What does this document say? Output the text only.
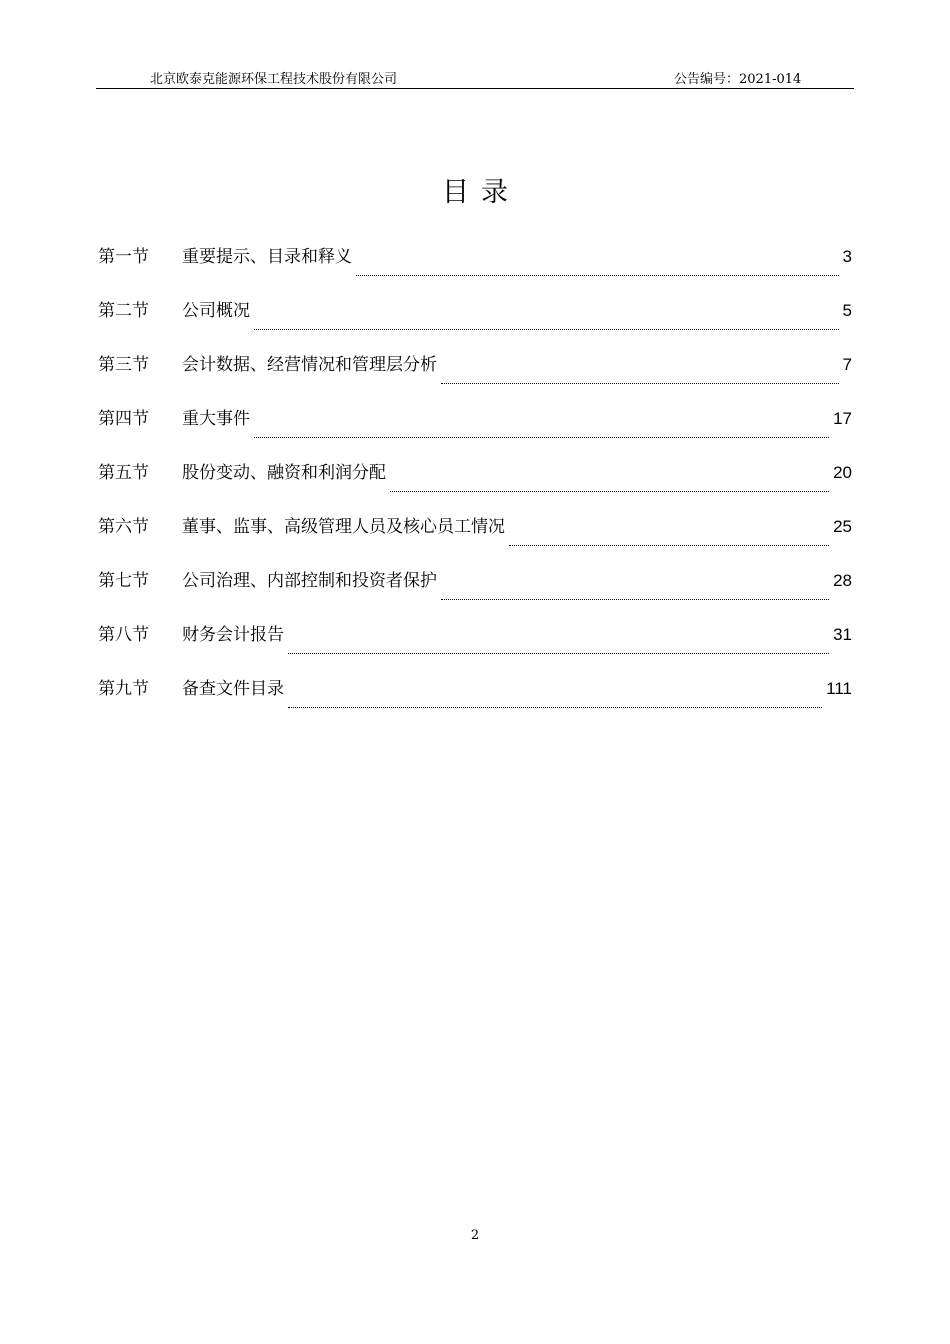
北京欧泰克能源环保工程技术股份有限公司	公告编号：2021-014
目录
第一节	重要提示、目录和释义	3
第二节	公司概况	5
第三节	会计数据、经营情况和管理层分析	7
第四节	重大事件	17
第五节	股份变动、融资和利润分配	20
第六节	董事、监事、高级管理人员及核心员工情况	25
第七节	公司治理、内部控制和投资者保护	28
第八节	财务会计报告	31
第九节	备查文件目录	111
2
